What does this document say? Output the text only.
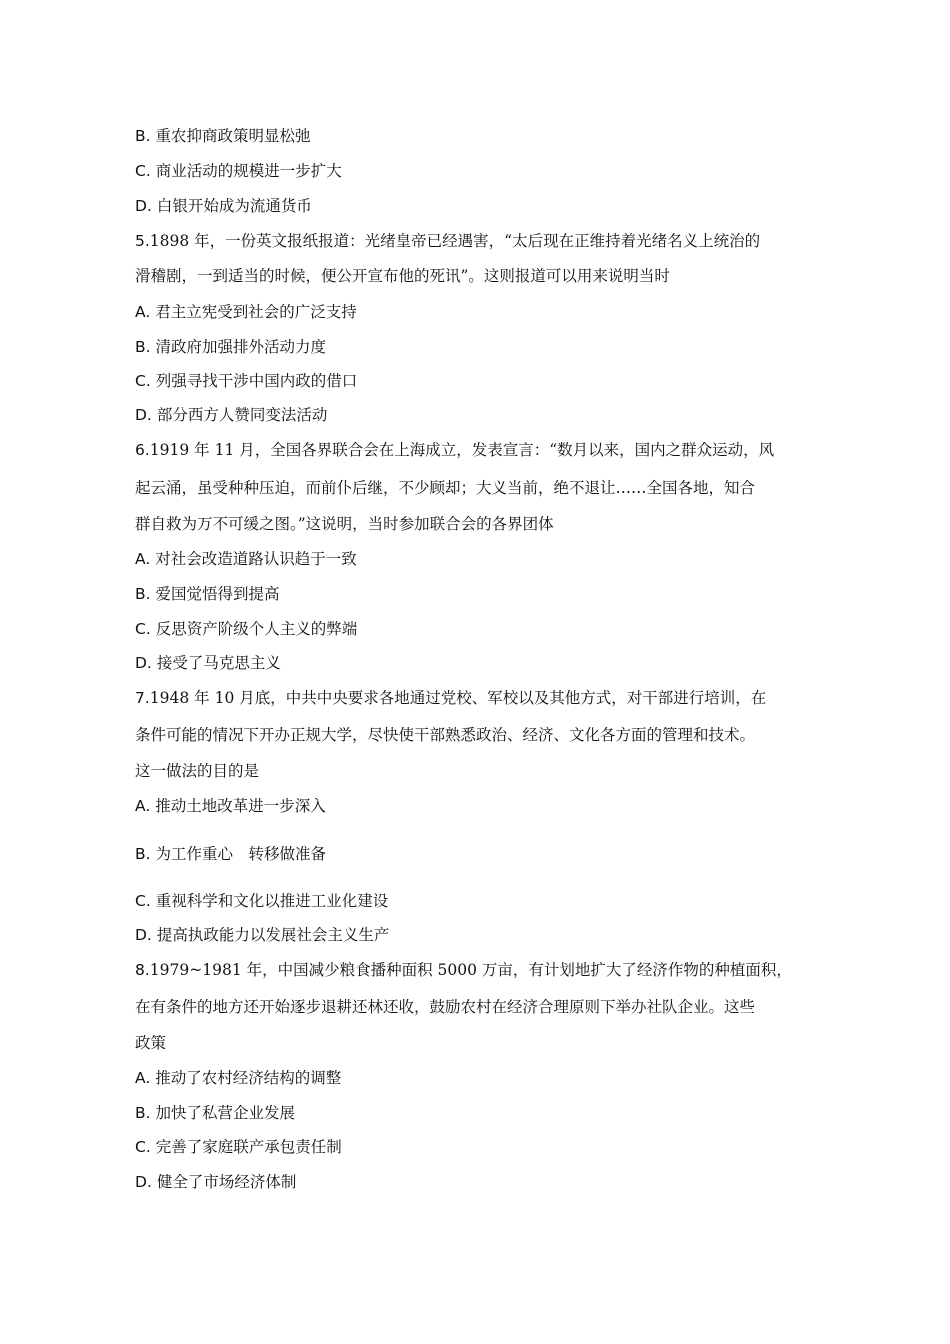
B. 重农抑商政策明显松弛
C. 商业活动的规模进一步扩大
D. 白银开始成为流通货币
5.1898 年，一份英文报纸报道：光绪皇帝已经遇害，“太后现在正维持着光绪名义上统治的
滑稽剧，一到适当的时候，便公开宣布他的死讯”。这则报道可以用来说明当时
A. 君主立宪受到社会的广泛支持
B. 清政府加强排外活动力度
C. 列强寻找干涉中国内政的借口
D. 部分西方人赞同变法活动
6.1919 年 11 月，全国各界联合会在上海成立，发表宣言：“数月以来，国内之群众运动，风
起云涌，虽受种种压迫，而前仆后继，不少顾却；大义当前，绝不退让……全国各地，知合
群自救为万不可缓之图。”这说明，当时参加联合会的各界团体
A. 对社会改造道路认识趋于一致
B. 爱国觉悟得到提高
C. 反思资产阶级个人主义的弊端
D. 接受了马克思主义
7.1948 年 10 月底，中共中央要求各地通过党校、军校以及其他方式，对干部进行培训，在
条件可能的情况下开办正规大学，尽快使干部熟悉政治、经济、文化各方面的管理和技术。
这一做法的目的是
A. 推动土地改革进一步深入
B. 为工作重心　转移做准备
C. 重视科学和文化以推进工业化建设
D. 提高执政能力以发展社会主义生产
8.1979~1981 年，中国减少粮食播种面积 5000 万亩，有计划地扩大了经济作物的种植面积，
在有条件的地方还开始逐步退耕还林还收，鼓励农村在经济合理原则下举办社队企业。这些
政策
A. 推动了农村经济结构的调整
B. 加快了私营企业发展
C. 完善了家庭联产承包责任制
D. 健全了市场经济体制
